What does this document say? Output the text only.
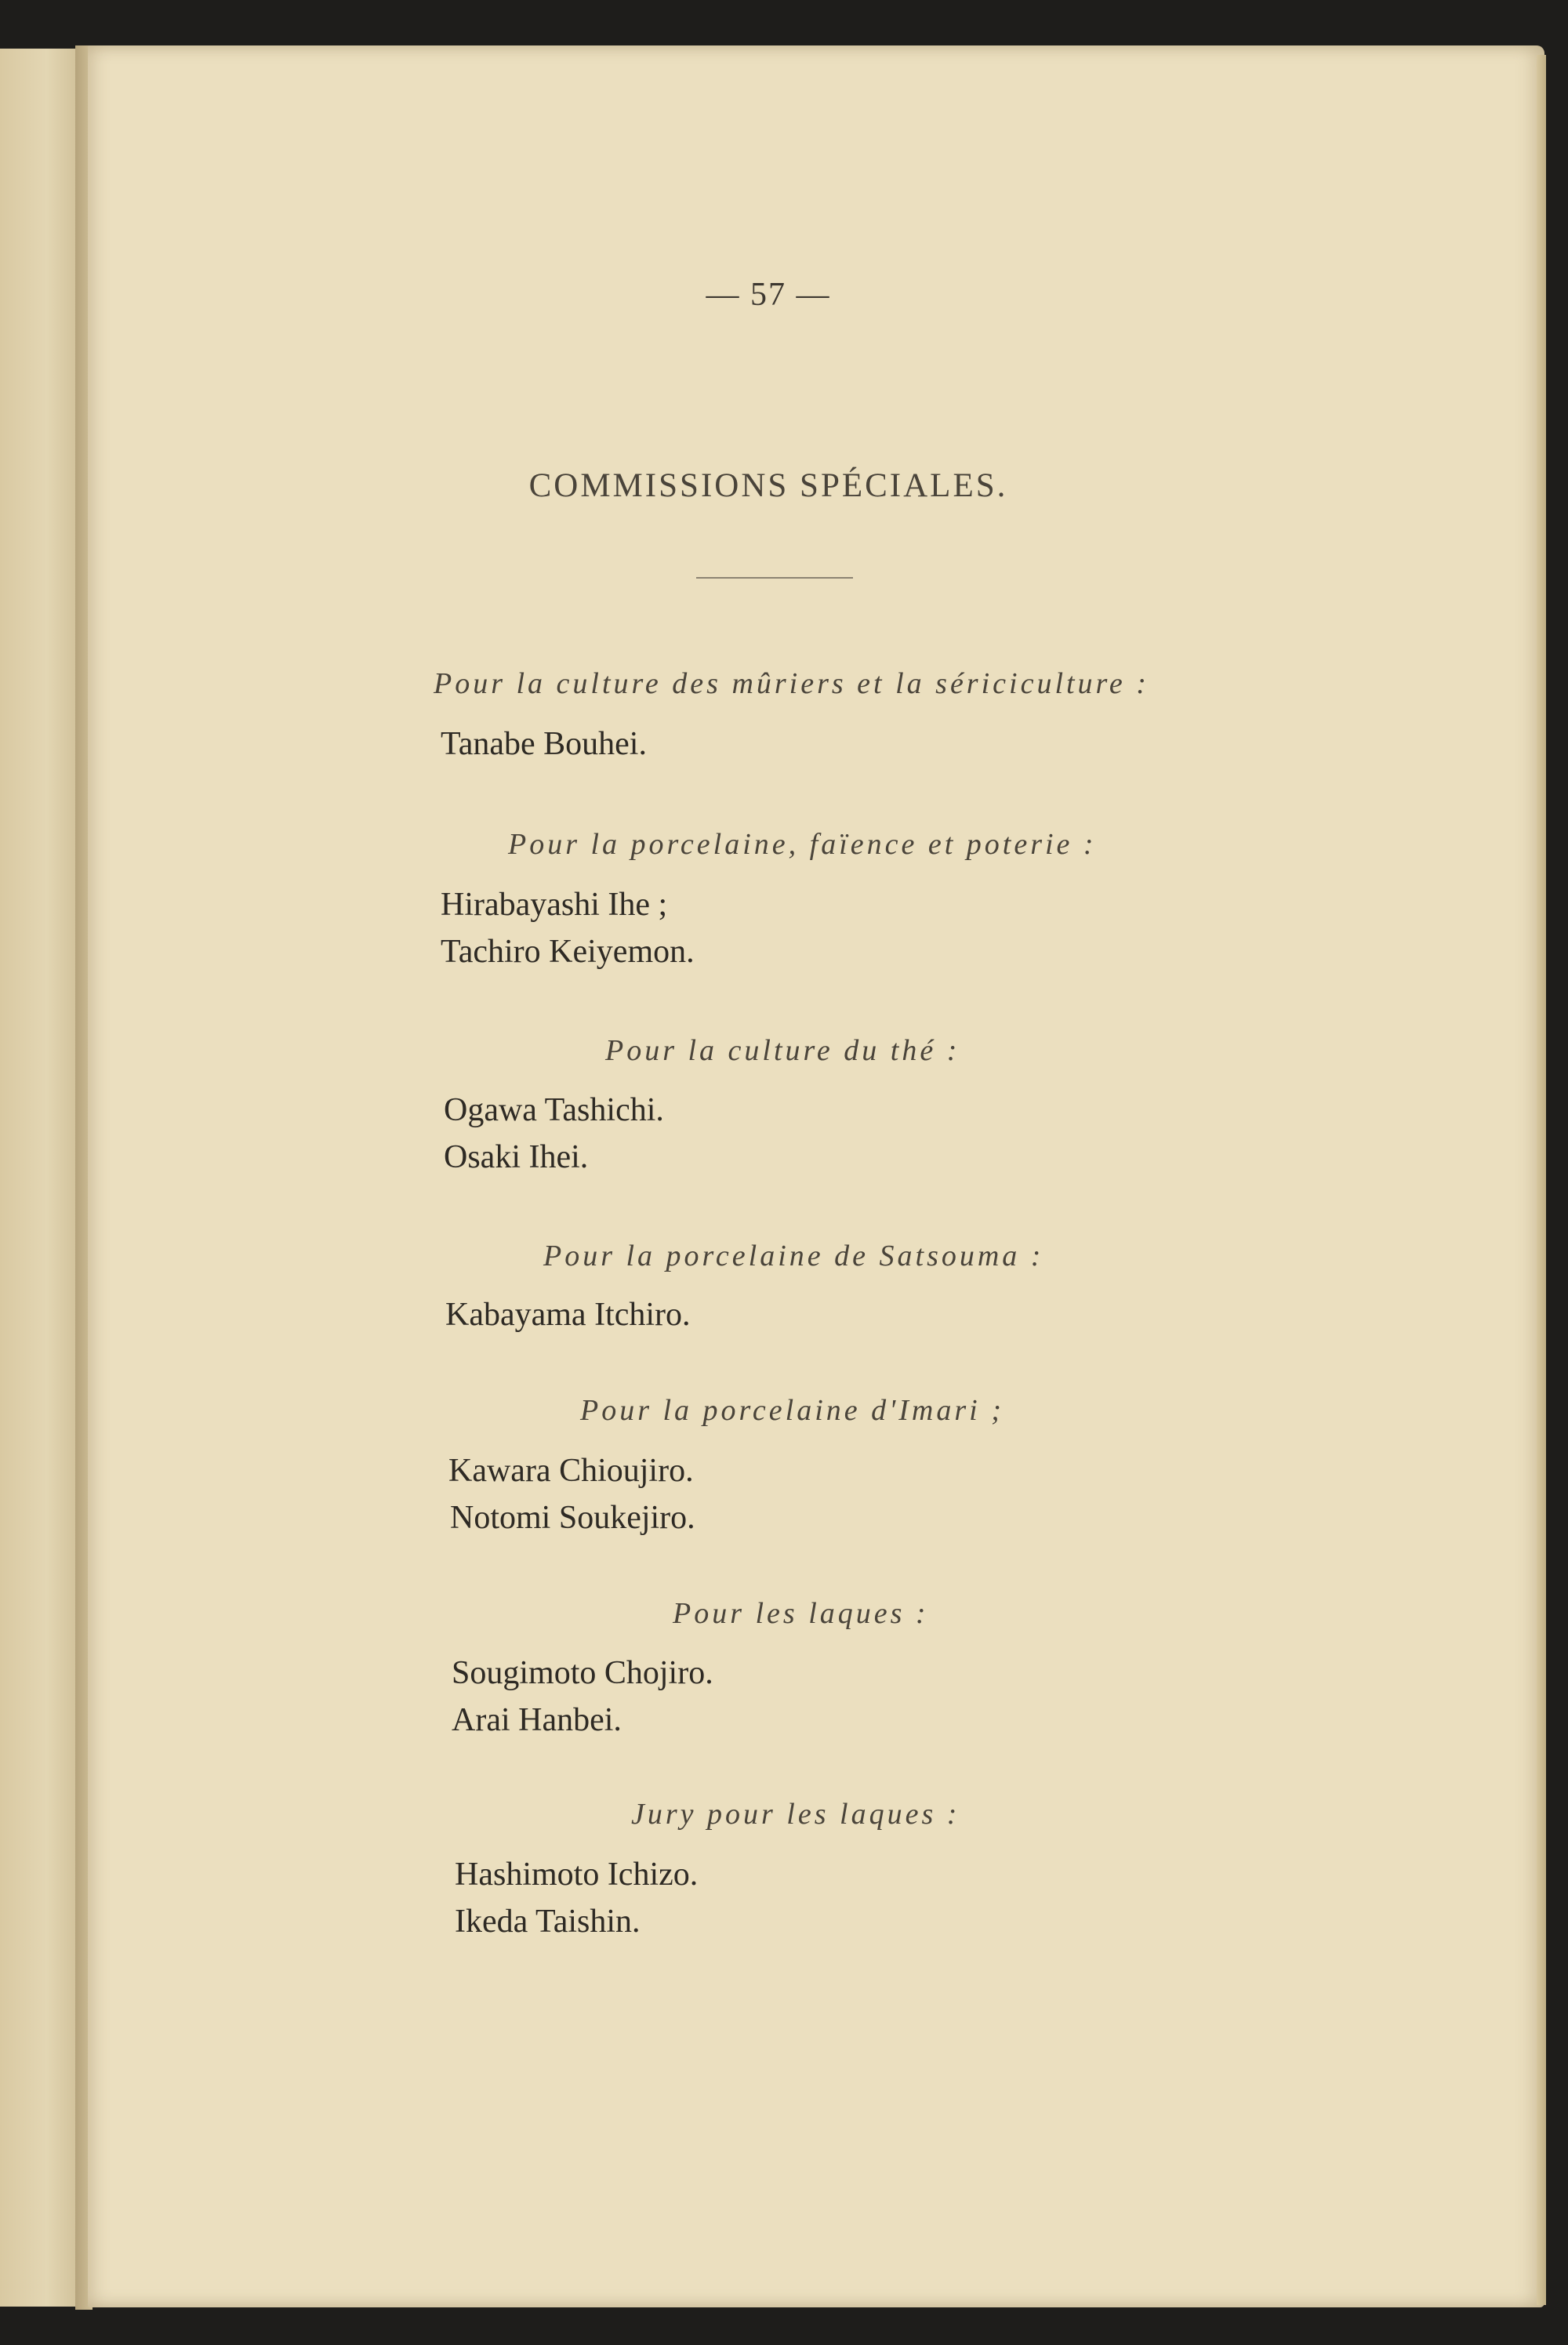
— 57 —
COMMISSIONS SPÉCIALES.
Pour la culture des mûriers et la sériciculture :
Tanabe Bouhei.
Pour la porcelaine, faïence et poterie :
Hirabayashi Ihe ;
Tachiro Keiyemon.
Pour la culture du thé :
Ogawa Tashichi.
Osaki Ihei.
Pour la porcelaine de Satsouma :
Kabayama Itchiro.
Pour la porcelaine d'Imari ;
Kawara Chioujiro.
Notomi Soukejiro.
Pour les laques :
Sougimoto Chojiro.
Arai Hanbei.
Jury pour les laques :
Hashimoto Ichizo.
Ikeda Taishin.
